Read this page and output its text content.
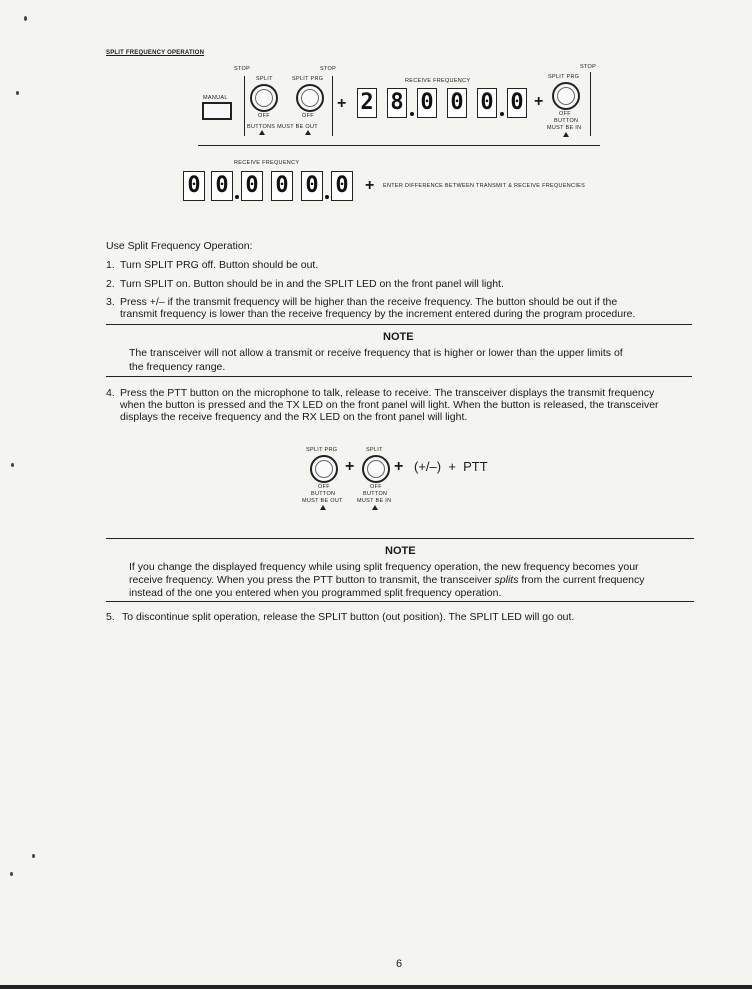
SPLIT FREQUENCY OPERATION
STOP	STOP	STOP
MANUAL
SPLIT
OFF
SPLIT PRG
OFF
BUTTONS MUST BE OUT
+
RECEIVE FREQUENCY
2 8 0 0 0 0 +
SPLIT PRG
OFF
BUTTON
MUST BE IN
RECEIVE FREQUENCY
0 0 0 0 0 0 + ENTER DIFFERENCE BETWEEN TRANSMIT & RECEIVE FREQUENCIES
Use Split Frequency Operation:
1. Turn SPLIT PRG off. Button should be out.
2. Turn SPLIT on. Button should be in and the SPLIT LED on the front panel will light.
3. Press +/– if the transmit frequency will be higher than the receive frequency. The button should be out if the
transmit frequency is lower than the receive frequency by the increment entered during the program procedure.
NOTE
The transceiver will not allow a transmit or receive frequency that is higher or lower than the upper limits of
the frequency range.
4. Press the PTT button on the microphone to talk, release to receive. The transceiver displays the transmit frequency
when the button is pressed and the TX LED on the front panel will light. When the button is released, the transceiver
displays the receive frequency and the RX LED on the front panel will light.
SPLIT PRG
OFF
BUTTON
MUST BE OUT
+
SPLIT
OFF
BUTTON
MUST BE IN
+ (+/–)  +  PTT
NOTE
If you change the displayed frequency while using split frequency operation, the new frequency becomes your
receive frequency. When you press the PTT button to transmit, the transceiver splits from the current frequency
instead of the one you entered when you programmed split frequency operation.
5. To discontinue split operation, release the SPLIT button (out position). The SPLIT LED will go out.
6
